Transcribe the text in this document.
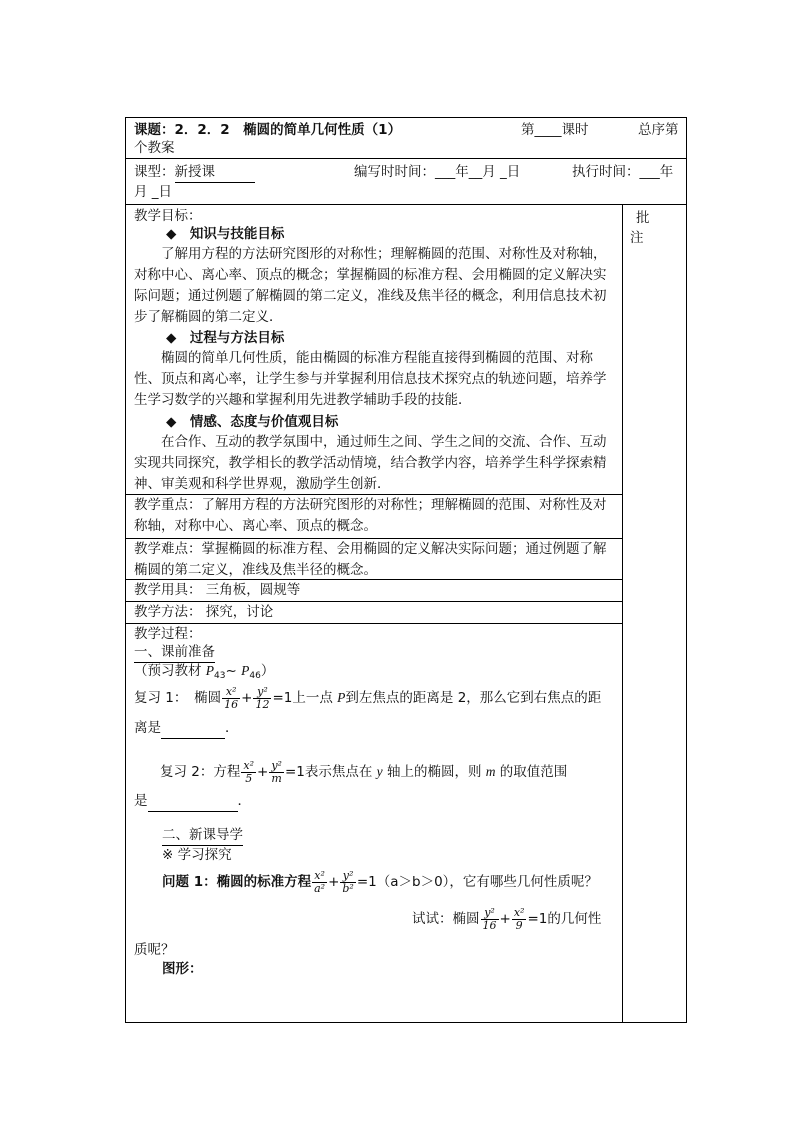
课题：2．2．2　椭圆的简单几何性质（1）	第____课时	总序第
个教案
课型：新授课	编写时时间：___年__月 _日	执行时间：___年
月 _日
批
注
教学目标：
◆　知识与技能目标
了解用方程的方法研究图形的对称性；理解椭圆的范围、对称性及对称轴，对称中心、离心率、顶点的概念；掌握椭圆的标准方程、会用椭圆的定义解决实际问题；通过例题了解椭圆的第二定义，准线及焦半径的概念，利用信息技术初步了解椭圆的第二定义．
◆　过程与方法目标
椭圆的简单几何性质，能由椭圆的标准方程能直接得到椭圆的范围、对称性、顶点和离心率，让学生参与并掌握利用信息技术探究点的轨迹问题，培养学生学习数学的兴趣和掌握利用先进教学辅助手段的技能．
◆　情感、态度与价值观目标
在合作、互动的教学氛围中，通过师生之间、学生之间的交流、合作、互动实现共同探究，教学相长的教学活动情境，结合教学内容，培养学生科学探索精神、审美观和科学世界观，激励学生创新．
教学重点：了解用方程的方法研究图形的对称性；理解椭圆的范围、对称性及对称轴，对称中心、离心率、顶点的概念。
教学难点：掌握椭圆的标准方程、会用椭圆的定义解决实际问题；通过例题了解椭圆的第二定义，准线及焦半径的概念。
教学用具： 三角板，圆规等
教学方法： 探究，讨论
教学过程：
一、课前准备
（预习教材 $P_{43}\sim$ $P_{46}$）
复习 1：　椭圆 $\frac{\text{x²}}{16} + \frac{\text{y²}}{12} =1$上一点 P到左焦点的距离是 2，那么它到右焦点的距
离是	．
复习 2：方程 $\frac{\text{x²}}{5} + \frac{\text{y²}}{m} =1$表示焦点在 y 轴上的椭圆，则 m 的取值范围
是	．
二、新课导学
※ 学习探究
问题 1：椭圆的标准方程 $\frac{\text{x²}}{\text{a²}} + \frac{\text{y²}}{\text{b²}} =1(a>b>0)$，它有哪些几何性质呢？
试试：椭圆 $\frac{\text{y²}}{16} + \frac{\text{x²}}{9} =1$的几何性
质呢？
图形：
